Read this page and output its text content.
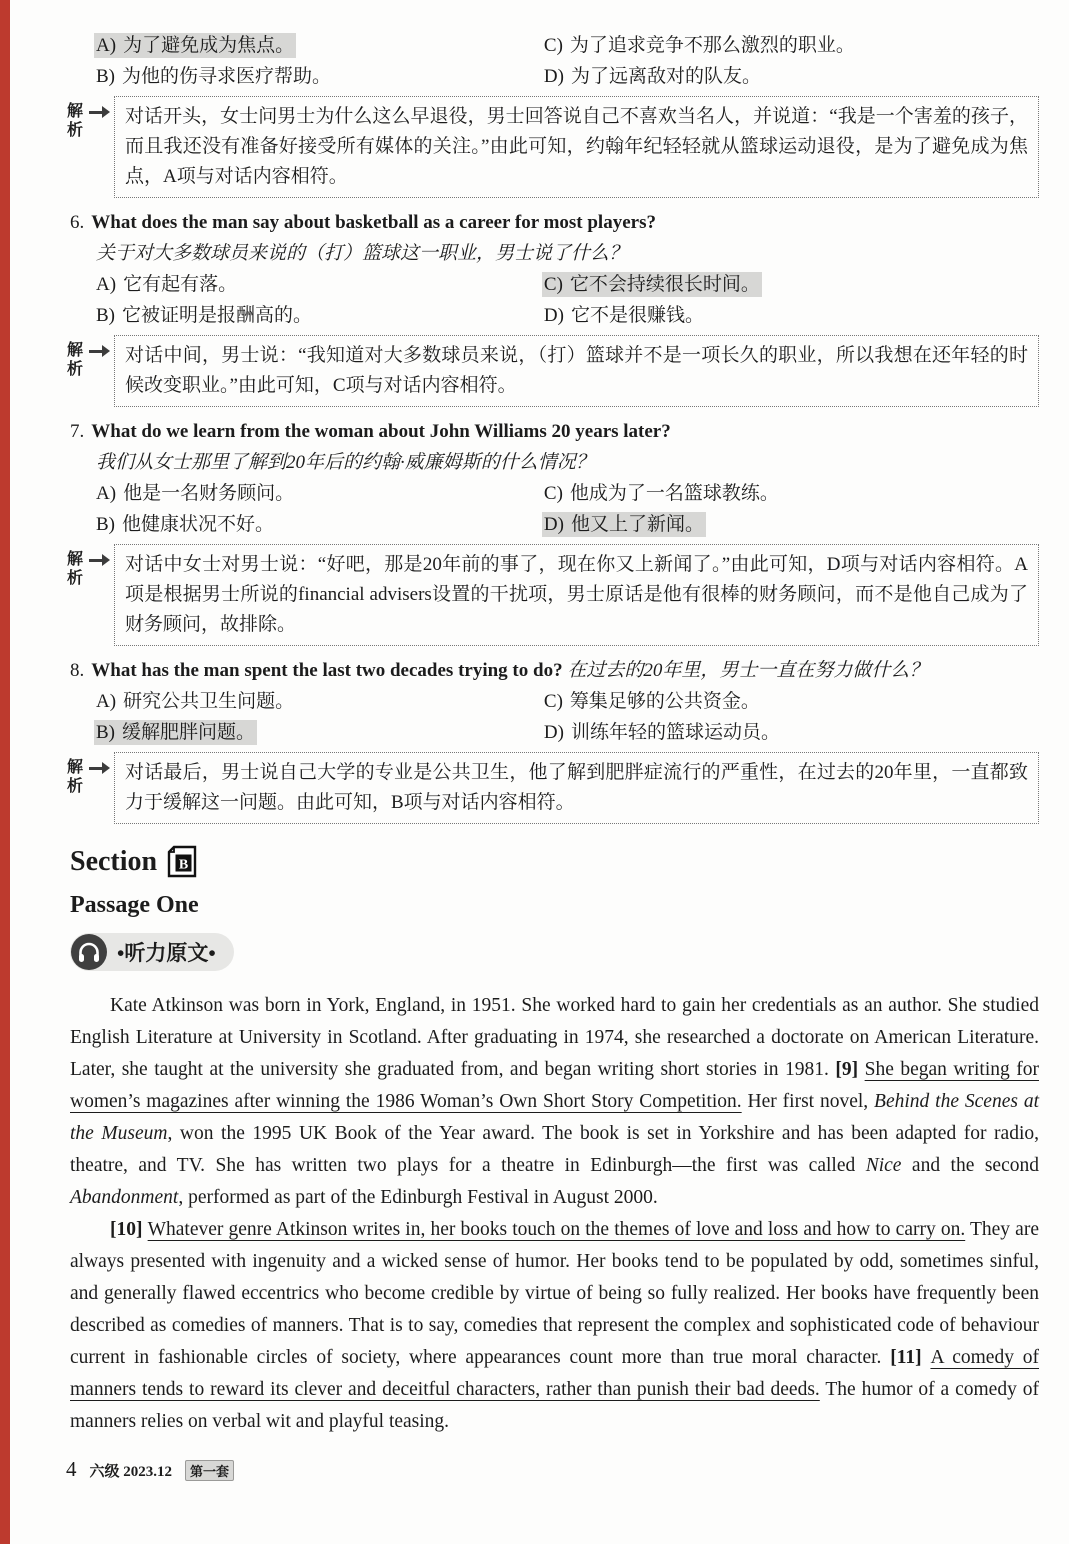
A) 为了避免成为焦点。	C) 为了追求竞争不那么激烈的职业。
B) 为他的伤寻求医疗帮助。	D) 为了远离敌对的队友。
解析
对话开头，女士问男士为什么这么早退役，男士回答说自己不喜欢当名人，并说道：“我是一个害羞的孩子，而且我还没有准备好接受所有媒体的关注。”由此可知，约翰年纪轻轻就从篮球运动退役，是为了避免成为焦点，A项与对话内容相符。
6. What does the man say about basketball as a career for most players?
关于对大多数球员来说的（打）篮球这一职业，男士说了什么？
A) 它有起有落。	C) 它不会持续很长时间。
B) 它被证明是报酬高的。	D) 它不是很赚钱。
解析
对话中间，男士说：“我知道对大多数球员来说，（打）篮球并不是一项长久的职业，所以我想在还年轻的时候改变职业。”由此可知，C项与对话内容相符。
7. What do we learn from the woman about John Williams 20 years later?
我们从女士那里了解到20年后的约翰·威廉姆斯的什么情况？
A) 他是一名财务顾问。	C) 他成为了一名篮球教练。
B) 他健康状况不好。	D) 他又上了新闻。
解析
对话中女士对男士说：“好吧，那是20年前的事了，现在你又上新闻了。”由此可知，D项与对话内容相符。A项是根据男士所说的financial advisers设置的干扰项，男士原话是他有很棒的财务顾问，而不是他自己成为了财务顾问，故排除。
8. What has the man spent the last two decades trying to do? 在过去的20年里，男士一直在努力做什么？
A) 研究公共卫生问题。	C) 筹集足够的公共资金。
B) 缓解肥胖问题。	D) 训练年轻的篮球运动员。
解析
对话最后，男士说自己大学的专业是公共卫生，他了解到肥胖症流行的严重性，在过去的20年里，一直都致力于缓解这一问题。由此可知，B项与对话内容相符。
Section B
Passage One
•听力原文•

Kate Atkinson was born in York, England, in 1951. She worked hard to gain her credentials as an author. She studied English Literature at University in Scotland. After graduating in 1974, she researched a doctorate on American Literature. Later, she taught at the university she graduated from, and began writing short stories in 1981. [9] She began writing for women’s magazines after winning the 1986 Woman’s Own Short Story Competition. Her first novel, Behind the Scenes at the Museum, won the 1995 UK Book of the Year award. The book is set in Yorkshire and has been adapted for radio, theatre, and TV. She has written two plays for a theatre in Edinburgh—the first was called Nice and the second Abandonment, performed as part of the Edinburgh Festival in August 2000.

[10] Whatever genre Atkinson writes in, her books touch on the themes of love and loss and how to carry on. They are always presented with ingenuity and a wicked sense of humor. Her books tend to be populated by odd, sometimes sinful, and generally flawed eccentrics who become credible by virtue of being so fully realized. Her books have frequently been described as comedies of manners. That is to say, comedies that represent the complex and sophisticated code of behaviour current in fashionable circles of society, where appearances count more than true moral character. [11] A comedy of manners tends to reward its clever and deceitful characters, rather than punish their bad deeds. The humor of a comedy of manners relies on verbal wit and playful teasing.

4 六级 2023.12	第一套
